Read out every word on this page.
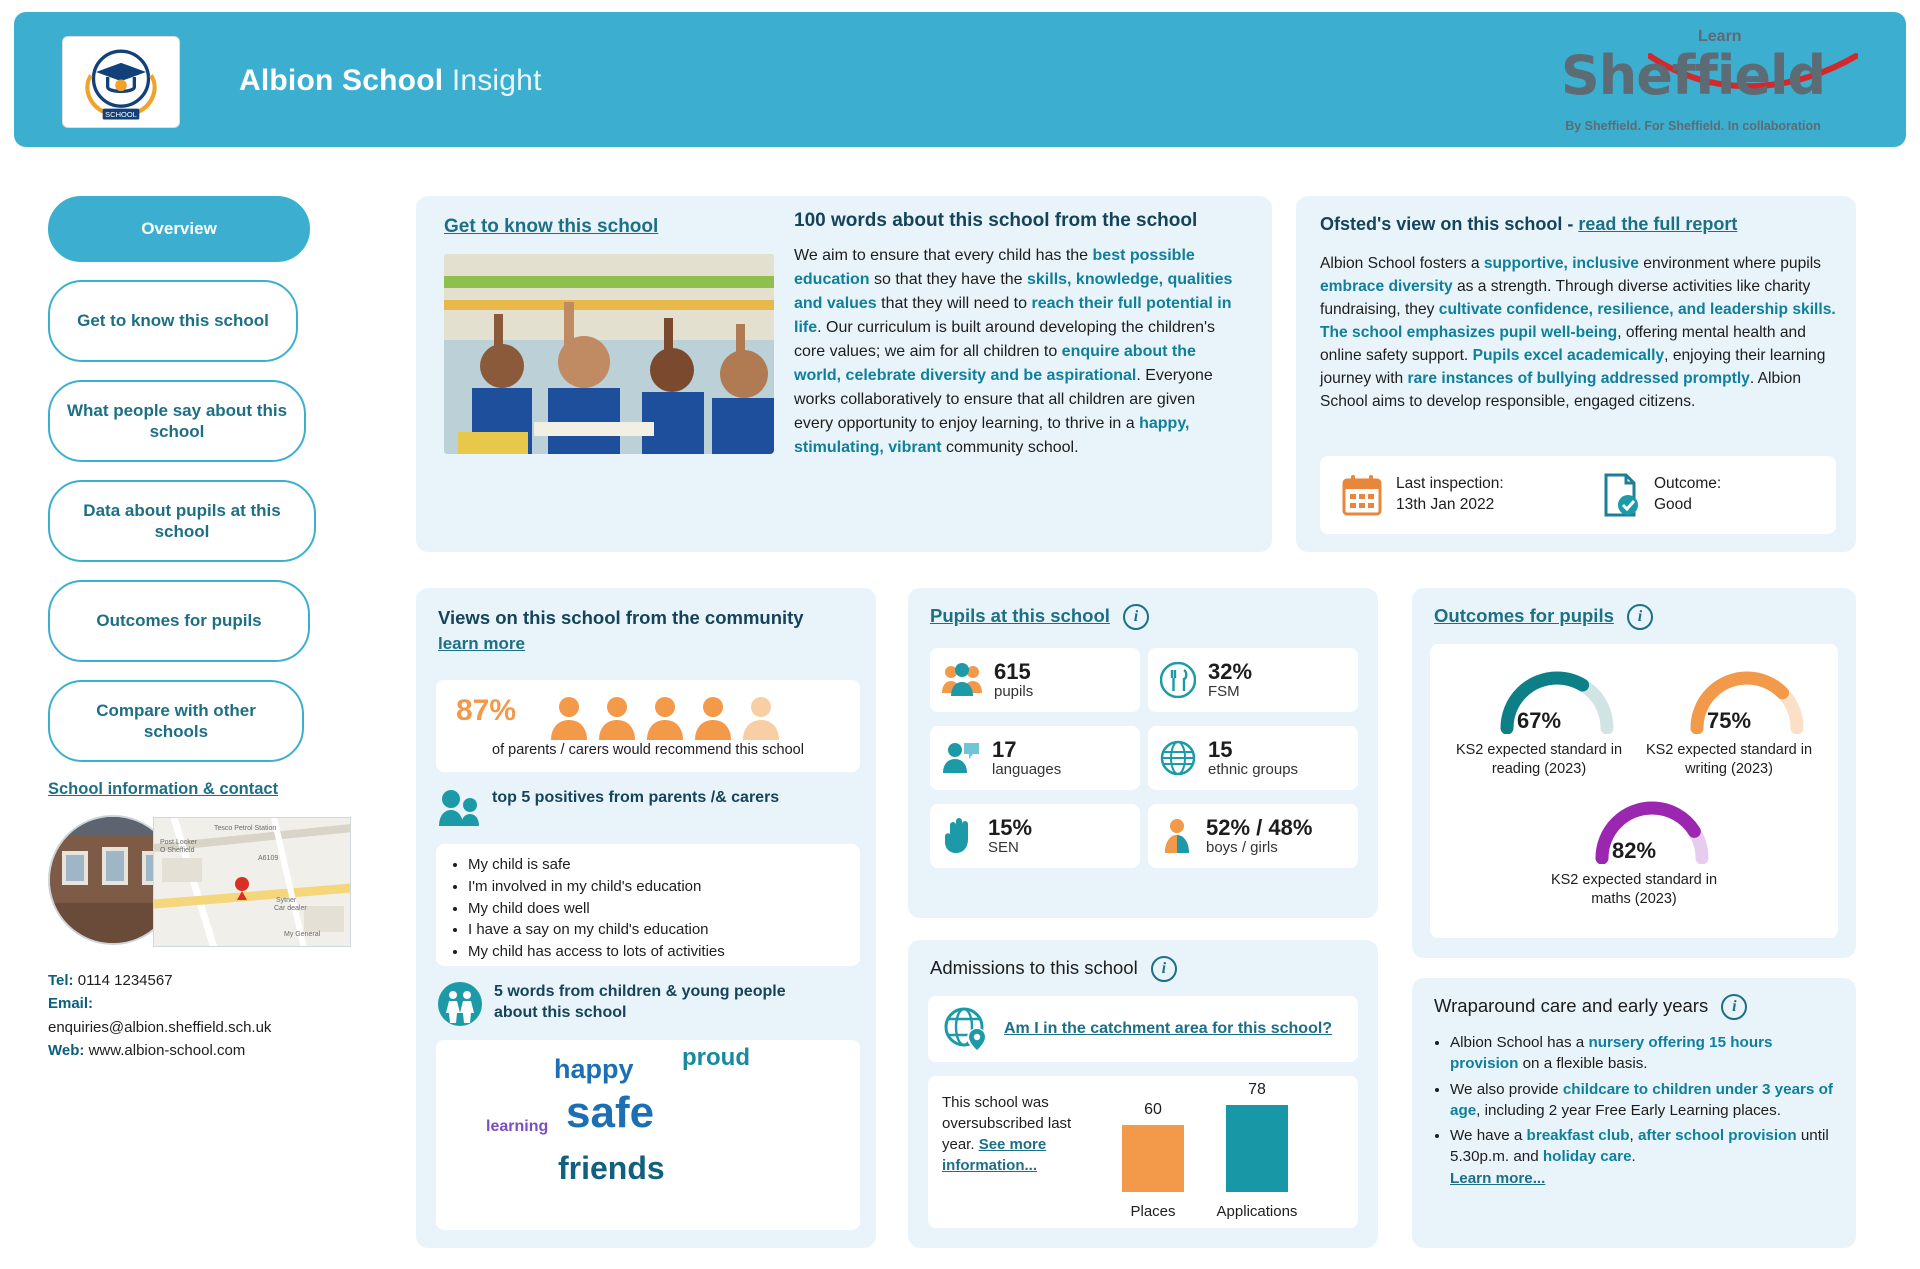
SCHOOL
Albion School Insight
Learn
Sheffield
By Sheffield. For Sheffield. In collaboration
Overview
Get to know this school
What people say about this school
Data about pupils at this school
Outcomes for pupils
Compare with other schools
School information & contact
Tesco Petrol Station
Post Locker
O Sheffield
A6109
Sytner
Car dealer
My General
Tel: 0114 1234567
Email: enquiries@albion.sheffield.sch.uk
Web: www.albion-school.com
Get to know this school	100 words about this school from the school
We aim to ensure that every child has the best possible education so that they have the skills, knowledge, qualities and values that they will need to reach their full potential in life. Our curriculum is built around developing the children's core values; we aim for all children to enquire about the world, celebrate diversity and be aspirational. Everyone works collaboratively to ensure that all children are given every opportunity to enjoy learning, to thrive in a happy, stimulating, vibrant community school.
Ofsted's view on this school - read the full report
Albion School fosters a supportive, inclusive environment where pupils embrace diversity as a strength. Through diverse activities like charity fundraising, they cultivate confidence, resilience, and leadership skills. The school emphasizes pupil well-being, offering mental health and online safety support. Pupils excel academically, enjoying their learning journey with rare instances of bullying addressed promptly. Albion School aims to develop responsible, engaged citizens.
Last inspection:
13th Jan 2022
Outcome:
Good
Views on this school from the community
learn more
87%
of parents / carers would recommend this school
top 5 positives from parents /& carers
• My child is safe
• I'm involved in my child's education
• My child does well
• I have a say on my child's education
• My child has access to lots of activities
5 words from children & young people about this school
happy proud
learning safe
friends
Pupils at this school i
615
pupils
32%
FSM
17
languages
15
ethnic groups
15%
SEN
52% / 48%
boys / girls
Admissions to this school i
Am I in the catchment area for this school?
This school was oversubscribed last year. See more information...
60
Places
78
Applications
Outcomes for pupils i
67%
KS2 expected standard in reading (2023)
75%
KS2 expected standard in writing (2023)
82%
KS2 expected standard in maths (2023)
Wraparound care and early years i
• Albion School has a nursery offering 15 hours provision on a flexible basis.
• We also provide childcare to children under 3 years of age, including 2 year Free Early Learning places.
• We have a breakfast club, after school provision until 5.30p.m. and holiday care.
Learn more...
